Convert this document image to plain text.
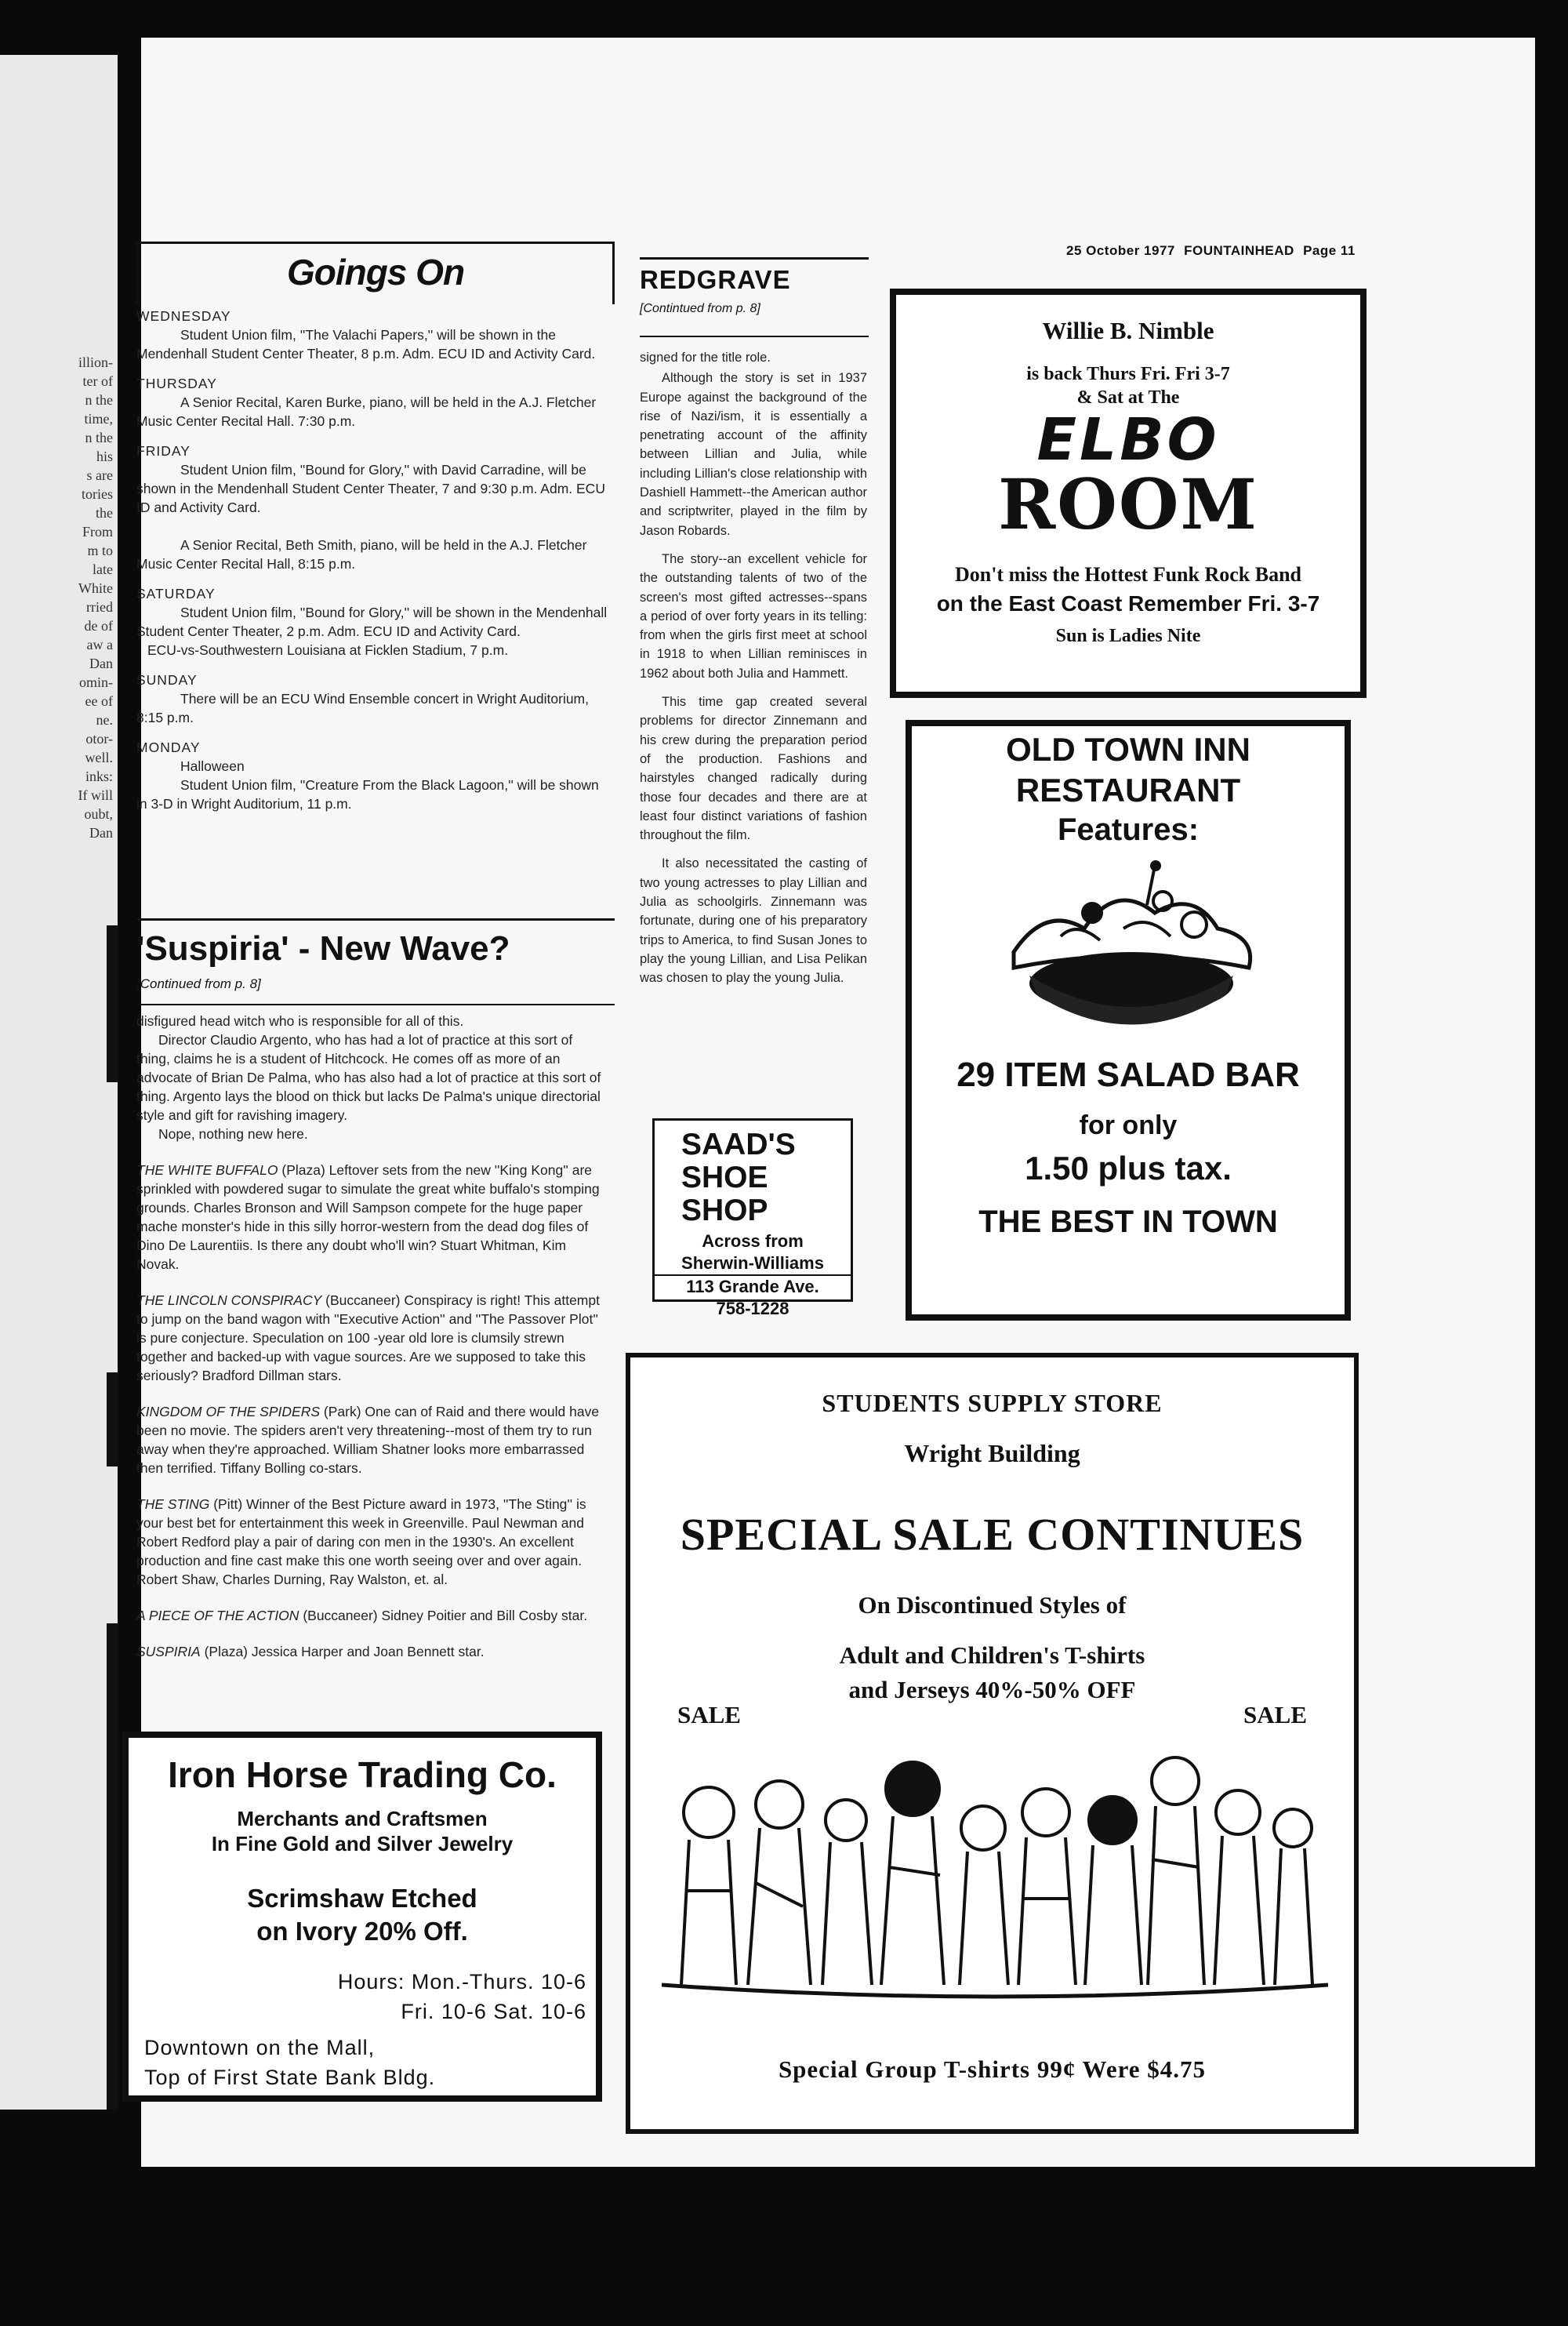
illion-
ter of
n the
time,
n the
his
s are
tories
the
From
m to
late
White
rried
de of
aw a
Dan
omin-
ee of
ne.
otor-
well.
inks:
If will
oubt,
Dan
25 October 1977 FOUNTAINHEAD Page 11
Goings On
WEDNESDAY
Student Union film, ''The Valachi Papers,'' will be shown in the Mendenhall Student Center Theater, 8 p.m. Adm. ECU ID and Activity Card.
THURSDAY
A Senior Recital, Karen Burke, piano, will be held in the A.J. Fletcher Music Center Recital Hall. 7:30 p.m.
FRIDAY
Student Union film, ''Bound for Glory,'' with David Carradine, will be shown in the Mendenhall Student Center Theater, 7 and 9:30 p.m. Adm. ECU ID and Activity Card.
A Senior Recital, Beth Smith, piano, will be held in the A.J. Fletcher Music Center Recital Hall, 8:15 p.m.
SATURDAY
Student Union film, ''Bound for Glory,'' will be shown in the Mendenhall Student Center Theater, 2 p.m. Adm. ECU ID and Activity Card.
ECU-vs-Southwestern Louisiana at Ficklen Stadium, 7 p.m.
SUNDAY
There will be an ECU Wind Ensemble concert in Wright Auditorium, 8:15 p.m.
MONDAY
Halloween
Student Union film, ''Creature From the Black Lagoon,'' will be shown in 3-D in Wright Auditorium, 11 p.m.
'Suspiria' - New Wave?
[Continued from p. 8]
disfigured head witch who is responsible for all of this.
Director Claudio Argento, who has had a lot of practice at this sort of thing, claims he is a student of Hitchcock. He comes off as more of an advocate of Brian De Palma, who has also had a lot of practice at this sort of thing. Argento lays the blood on thick but lacks De Palma's unique directorial style and gift for ravishing imagery.
Nope, nothing new here.
THE WHITE BUFFALO (Plaza) Leftover sets from the new ''King Kong'' are sprinkled with powdered sugar to simulate the great white buffalo's stomping grounds. Charles Bronson and Will Sampson compete for the huge paper mache monster's hide in this silly horror-western from the dead dog files of Dino De Laurentiis. Is there any doubt who'll win? Stuart Whitman, Kim Novak.
THE LINCOLN CONSPIRACY (Buccaneer) Conspiracy is right! This attempt to jump on the band wagon with ''Executive Action'' and ''The Passover Plot'' is pure conjecture. Speculation on 100 -year old lore is clumsily strewn together and backed-up with vague sources. Are we supposed to take this seriously? Bradford Dillman stars.
KINGDOM OF THE SPIDERS (Park) One can of Raid and there would have been no movie. The spiders aren't very threatening--most of them try to run away when they're approached. William Shatner looks more embarrassed then terrified. Tiffany Bolling co-stars.
THE STING (Pitt) Winner of the Best Picture award in 1973, ''The Sting'' is your best bet for entertainment this week in Greenville. Paul Newman and Robert Redford play a pair of daring con men in the 1930's. An excellent production and fine cast make this one worth seeing over and over again. Robert Shaw, Charles Durning, Ray Walston, et. al.
A PIECE OF THE ACTION (Buccaneer) Sidney Poitier and Bill Cosby star.
SUSPIRIA (Plaza) Jessica Harper and Joan Bennett star.
Iron Horse Trading Co.
Merchants and Craftsmen
In Fine Gold and Silver Jewelry
Scrimshaw Etched
on Ivory 20% Off.
Hours: Mon.-Thurs. 10-6
Fri. 10-6 Sat. 10-6
Downtown on the Mall,
Top of First State Bank Bldg.
REDGRAVE
[Contintued from p. 8]
signed for the title role.
Although the story is set in 1937 Europe against the background of the rise of Nazi/ism, it is essentially a penetrating account of the affinity between Lillian and Julia, while including Lillian's close relationship with Dashiell Hammett--the American author and scriptwriter, played in the film by Jason Robards.
The story--an excellent vehicle for the outstanding talents of two of the screen's most gifted actresses--spans a period of over forty years in its telling: from when the girls first meet at school in 1918 to when Lillian reminisces in 1962 about both Julia and Hammett.
This time gap created several problems for director Zinnemann and his crew during the preparation period of the production. Fashions and hairstyles changed radically during those four decades and there are at least four distinct variations of fashion throughout the film.
It also necessitated the casting of two young actresses to play Lillian and Julia as schoolgirls. Zinnemann was fortunate, during one of his preparatory trips to America, to find Susan Jones to play the young Lillian, and Lisa Pelikan was chosen to play the young Julia.
SAAD'S
SHOE
SHOP
Across from
Sherwin-Williams
113 Grande Ave.
758-1228
Willie B. Nimble
is back Thurs Fri. Fri 3-7
& Sat at The
ELBO
ROOM
Don't miss the Hottest Funk Rock Band
on the East Coast Remember Fri. 3-7
Sun is Ladies Nite
OLD TOWN INN
RESTAURANT
Features:
29 ITEM SALAD BAR
for only
1.50 plus tax.
THE BEST IN TOWN
STUDENTS SUPPLY STORE
Wright Building
SPECIAL SALE CONTINUES
On Discontinued Styles of
Adult and Children's T-shirts
and Jerseys 40%-50% OFF
SALE	SALE
Special Group T-shirts 99¢ Were $4.75
